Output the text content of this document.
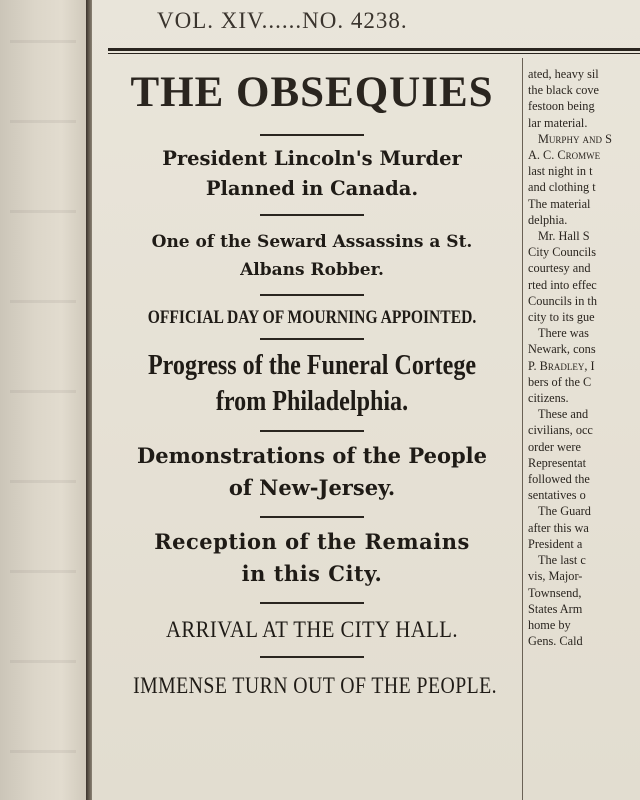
VOL. XIV......NO. 4238.
THE OBSEQUIES
President Lincoln's Murder
Planned in Canada.
One of the Seward Assassins a St.
Albans Robber.
OFFICIAL DAY OF MOURNING APPOINTED.
Progress of the Funeral Cortege
from Philadelphia.
Demonstrations of the People
of New-Jersey.
Reception of the Remains
in this City.
ARRIVAL AT THE CITY HALL.
IMMENSE TURN OUT OF THE PEOPLE.
ated, heavy sil
the black cove
festoon being
lar material.
Murphy and S
A. C. Cromwe
last night in t
and clothing t
The material
delphia.
Mr. Hall S
City Councils
courtesy and
rted into effec
Councils in th
city to its gue
There was
Newark, cons
P. Bradley, I
bers of the C
citizens.
These and
civilians, occ
order were
Representat
followed the
sentatives o
The Guard
after this wa
President a
The last c
vis, Major-
Townsend,
States Arm
home by
Gens. Cald
